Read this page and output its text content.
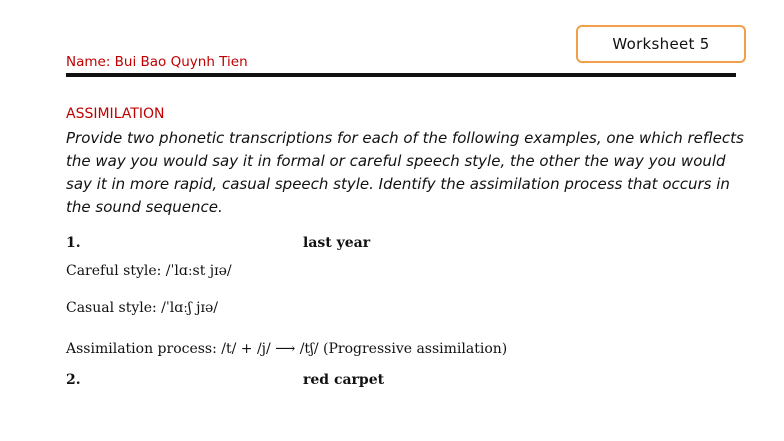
Worksheet 5
Name: Bui Bao Quynh Tien
ASSIMILATION
Provide two phonetic transcriptions for each of the following examples, one which reflects the way you would say it in formal or careful speech style, the other the way you would say it in more rapid, casual speech style. Identify the assimilation process that occurs in the sound sequence.
1.	last year
Careful style: /ˈlɑːst jɪə/
Casual style: /ˈlɑːʃ jɪə/
Assimilation process: /t/ + /j/ ⟶ /tʃ/ (Progressive assimilation)
2.	red carpet
